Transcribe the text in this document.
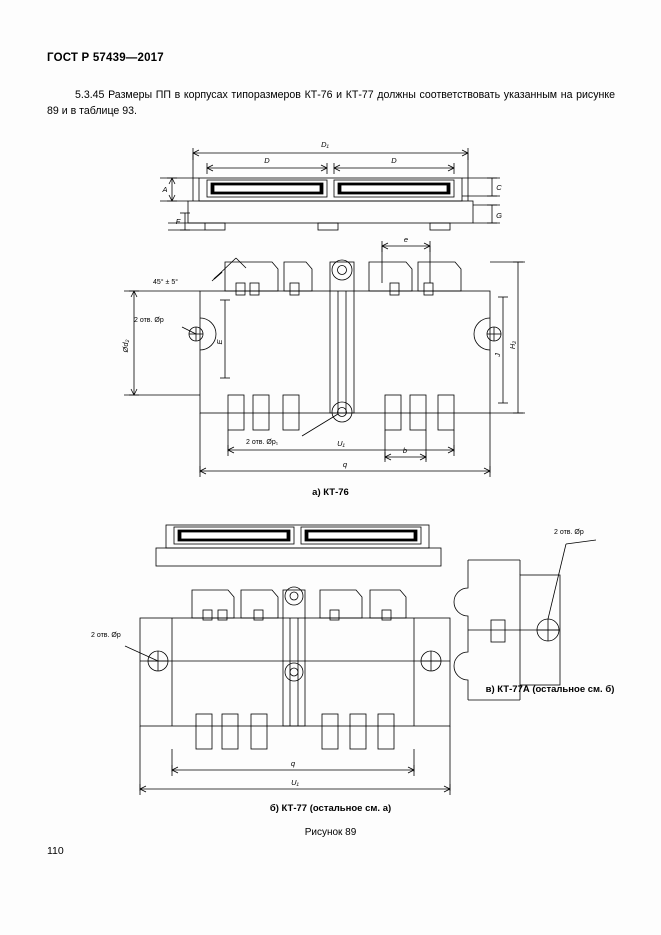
ГОСТ Р 57439—2017
5.3.45 Размеры ПП в корпусах типоразмеров КТ-76 и КТ-77 должны соответствовать указанным на рисунке 89 и в таблице 93.
D₁
D	D
A
F
C
G
45° ± 5°
2 отв. Øр
2 отв. Øр₁
е
Ød₂	Е
J
H₂
U₁
b
q
2 отв. Øр
q
U₁
2 отв. Øр
а) КТ-76
б) КТ-77 (остальное см. а)
в) КТ-77А (остальное см. б)
Рисунок 89
110
